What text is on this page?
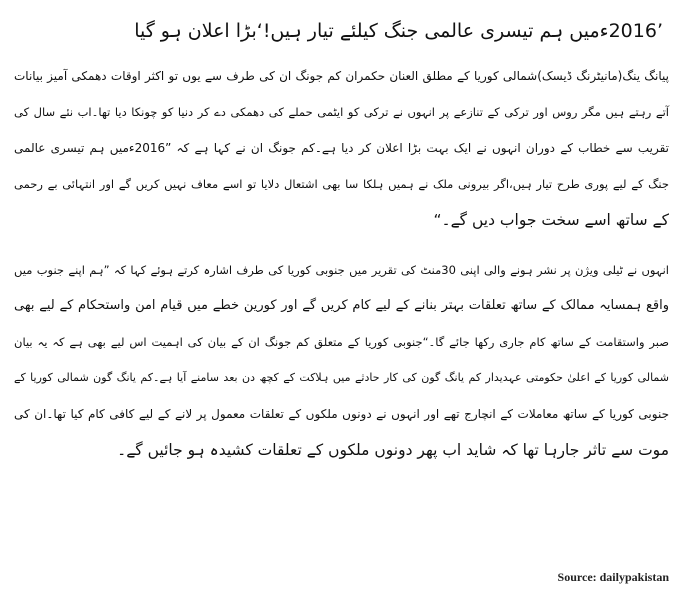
’2016ءمیں ہم تیسری عالمی جنگ کیلئے تیار ہیں!‘بڑا اعلان ہو گیا
پیانگ ینگ(مانیٹرنگ ڈیسک)شمالی کوریا کے مطلق العنان حکمران کم جونگ ان کی طرف سے یوں تو اکثر اوقات دھمکی آمیز بیانات
آتے رہتے ہیں مگر روس اور ترکی کے تنازعے پر انہوں نے ترکی کو ایٹمی حملے کی دھمکی دے کر دنیا کو چونکا دیا تھا۔اب نئے سال کی
تقریب سے خطاب کے دوران انہوں نے ایک بہت بڑا اعلان کر دیا ہے۔کم جونگ ان نے کہا ہے کہ ”2016ءمیں ہم تیسری عالمی
جنگ کے لیے پوری طرح تیار ہیں،اگر بیرونی ملک نے ہمیں ہلکا سا بھی اشتعال دلایا تو اسے معاف نہیں کریں گے اور انتہائی بے رحمی
کے ساتھ اسے سخت جواب دیں گے۔“
انہوں نے ٹیلی ویژن پر نشر ہونے والی اپنی 30منٹ کی تقریر میں جنوبی کوریا کی طرف اشارہ کرتے ہوئے کہا کہ ”ہم اپنے جنوب میں
واقع ہمسایہ ممالک کے ساتھ تعلقات بہتر بنانے کے لیے کام کریں گے اور کورین خطے میں قیام امن واستحکام کے لیے بھی
صبر واستقامت کے ساتھ کام جاری رکھا جائے گا۔“جنوبی کوریا کے متعلق کم جونگ ان کے بیان کی اہمیت اس لیے بھی ہے کہ یہ بیان
شمالی کوریا کے اعلیٰ حکومتی عہدیدار کم یانگ گون کی کار حادثے میں ہلاکت کے کچھ دن بعد سامنے آیا ہے۔کم یانگ گون شمالی کوریا کے
جنوبی کوریا کے ساتھ معاملات کے انچارج تھے اور انہوں نے دونوں ملکوں کے تعلقات معمول پر لانے کے لیے کافی کام کیا تھا۔ان کی
موت سے تاثر جارہا تھا کہ شاید اب پھر دونوں ملکوں کے تعلقات کشیدہ ہو جائیں گے۔
Source: dailypakistan
